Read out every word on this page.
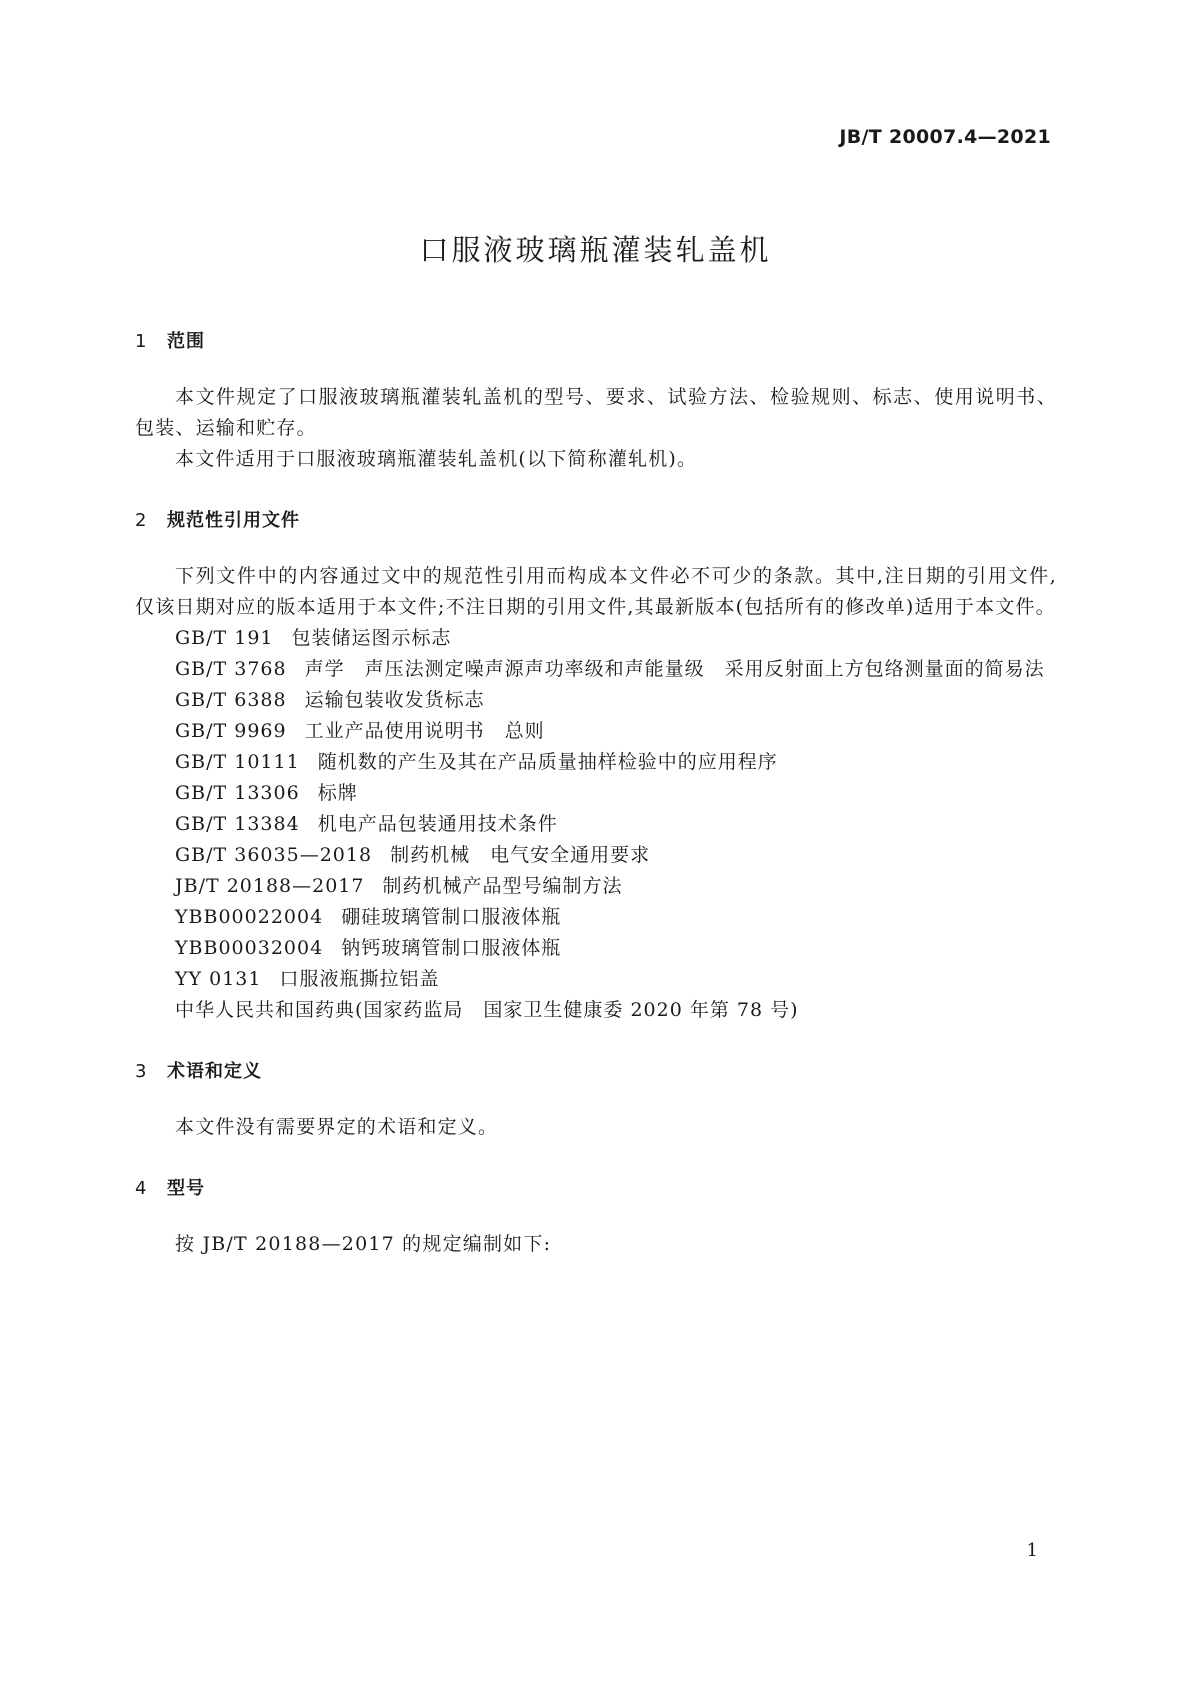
JB/T 20007.4—2021

口服液玻璃瓶灌装轧盖机
1 范围

本文件规定了口服液玻璃瓶灌装轧盖机的型号、要求、试验方法、检验规则、标志、使用说明书、包装、运输和贮存。

本文件适用于口服液玻璃瓶灌装轧盖机(以下简称灌轧机)。

2 规范性引用文件

下列文件中的内容通过文中的规范性引用而构成本文件必不可少的条款。其中,注日期的引用文件,仅该日期对应的版本适用于本文件;不注日期的引用文件,其最新版本(包括所有的修改单)适用于本文件。

GB/T 191 包装储运图示标志
GB/T 3768 声学　声压法测定噪声源声功率级和声能量级　采用反射面上方包络测量面的简易法
GB/T 6388 运输包装收发货标志
GB/T 9969 工业产品使用说明书　总则
GB/T 10111 随机数的产生及其在产品质量抽样检验中的应用程序
GB/T 13306 标牌
GB/T 13384 机电产品包装通用技术条件
GB/T 36035—2018 制药机械　电气安全通用要求
JB/T 20188—2017 制药机械产品型号编制方法
YBB00022004 硼硅玻璃管制口服液体瓶
YBB00032004 钠钙玻璃管制口服液体瓶
YY 0131 口服液瓶撕拉铝盖
中华人民共和国药典(国家药监局　国家卫生健康委 2020 年第 78 号)
3 术语和定义

本文件没有需要界定的术语和定义。

4 型号

按 JB/T 20188—2017 的规定编制如下:

1
